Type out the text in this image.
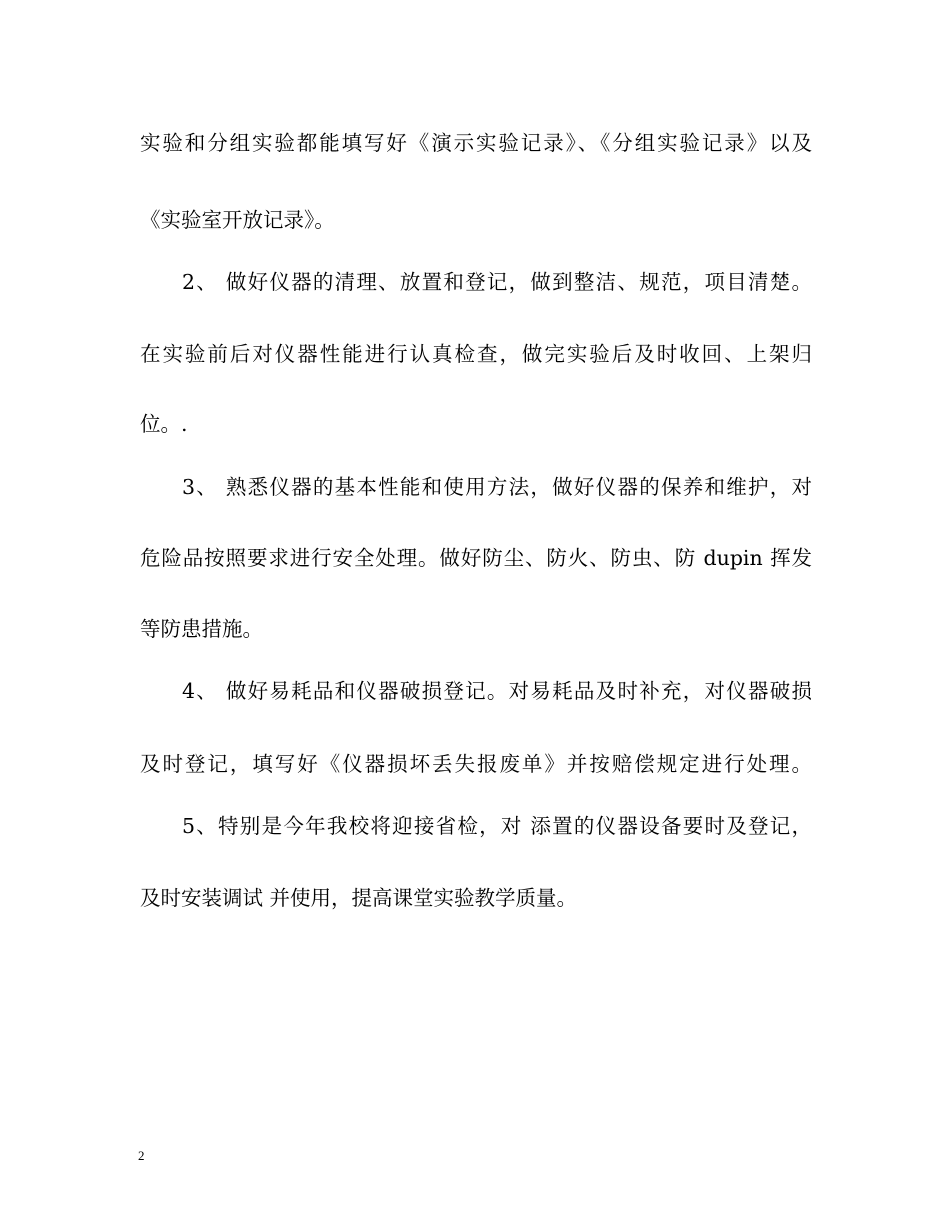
实验和分组实验都能填写好《演示实验记录》、《分组实验记录》以及
《实验室开放记录》。
2、 做好仪器的清理、放置和登记，做到整洁、规范，项目清楚。
在实验前后对仪器性能进行认真检查，做完实验后及时收回、上架归
位。.
3、 熟悉仪器的基本性能和使用方法，做好仪器的保养和维护，对
危险品按照要求进行安全处理。做好防尘、防火、防虫、防 dupin 挥发
等防患措施。
4、 做好易耗品和仪器破损登记。对易耗品及时补充，对仪器破损
及时登记，填写好《仪器损坏丢失报废单》并按赔偿规定进行处理。
5、特别是今年我校将迎接省检，对 添置的仪器设备要时及登记，
及时安装调试 并使用，提高课堂实验教学质量。
2
